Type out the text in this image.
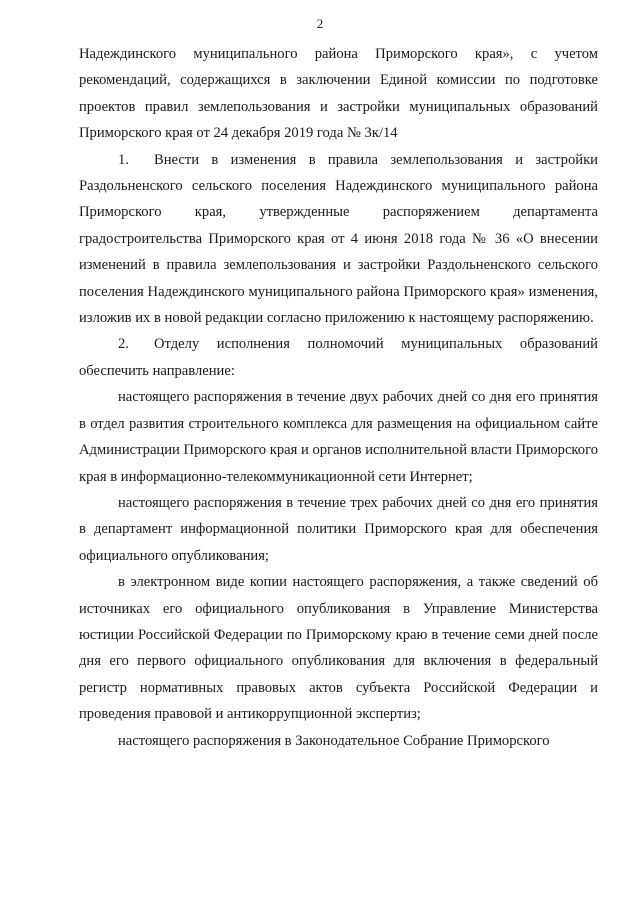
2

Надеждинского муниципального района Приморского края», с учетом рекомендаций, содержащихся в заключении Единой комиссии по подготовке проектов правил землепользования и застройки муниципальных образований Приморского края от 24 декабря 2019 года № 3к/14

1. Внести в изменения в правила землепользования и застройки Раздольненского сельского поселения Надеждинского муниципального района Приморского края, утвержденные распоряжением департамента градостроительства Приморского края от 4 июня 2018 года № 36 «О внесении изменений в правила землепользования и застройки Раздольненского сельского поселения Надеждинского муниципального района Приморского края» изменения, изложив их в новой редакции согласно приложению к настоящему распоряжению.

2. Отделу исполнения полномочий муниципальных образований обеспечить направление:

настоящего распоряжения в течение двух рабочих дней со дня его принятия в отдел развития строительного комплекса для размещения на официальном сайте Администрации Приморского края и органов исполнительной власти Приморского края в информационно-телекоммуникационной сети Интернет;

настоящего распоряжения в течение трех рабочих дней со дня его принятия в департамент информационной политики Приморского края для обеспечения официального опубликования;

в электронном виде копии настоящего распоряжения, а также сведений об источниках его официального опубликования в Управление Министерства юстиции Российской Федерации по Приморскому краю в течение семи дней после дня его первого официального опубликования для включения в федеральный регистр нормативных правовых актов субъекта Российской Федерации и проведения правовой и антикоррупционной экспертиз;

настоящего распоряжения в Законодательное Собрание Приморского
